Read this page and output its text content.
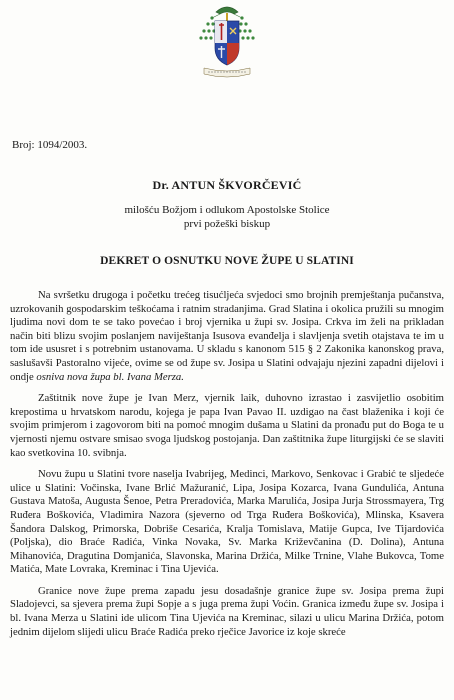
Broj: 1094/2003.
Dr. ANTUN ŠKVORČEVIĆ
milošću Božjom i odlukom Apostolske Stolice
prvi požeški biskup
DEKRET O OSNUTKU NOVE ŽUPE U SLATINI

Na svršetku drugoga i početku trećeg tisućljeća svjedoci smo brojnih premještanja pučanstva, uzrokovanih gospodarskim teškoćama i ratnim stradanjima. Grad Slatina i okolica pružili su mnogim ljudima novi dom te se tako povećao i broj vjernika u župi sv. Josipa. Crkva im želi na prikladan način biti blizu svojim poslanjem naviještanja Isusova evanđelja i slavljenja svetih otajstava te im u tom ide ususret i s potrebnim ustanovama. U skladu s kanonom 515 § 2 Zakonika kanonskog prava, saslušavši Pastoralno vijeće, ovime se od župe sv. Josipa u Slatini odvajaju njezini zapadni dijelovi i ondje osniva nova župa bl. Ivana Merza.

Zaštitnik nove župe je Ivan Merz, vjernik laik, duhovno izrastao i zasvijetlio osobitim krepostima u hrvatskom narodu, kojega je papa Ivan Pavao II. uzdigao na čast blaženika i koji će svojim primjerom i zagovorom biti na pomoć mnogim dušama u Slatini da pronađu put do Boga te u vjernosti njemu ostvare smisao svoga ljudskog postojanja. Dan zaštitnika župe liturgijski će se slaviti kao svetkovina 10. svibnja.

Novu župu u Slatini tvore naselja Ivabrijeg, Medinci, Markovo, Senkovac i Grabić te sljedeće ulice u Slatini: Vočinska, Ivane Brlić Mažuranić, Lipa, Josipa Kozarca, Ivana Gundulića, Antuna Gustava Matoša, Augusta Šenoe, Petra Preradovića, Marka Marulića, Josipa Jurja Strossmayera, Trg Ruđera Boškovića, Vladimira Nazora (sjeverno od Trga Ruđera Boškovića), Mlinska, Ksavera Šandora Dalskog, Primorska, Dobriše Cesarića, Kralja Tomislava, Matije Gupca, Ive Tijardovića (Poljska), dio Braće Radića, Vinka Novaka, Sv. Marka Križevčanina (D. Dolina), Antuna Mihanovića, Dragutina Domjanića, Slavonska, Marina Držića, Milke Trnine, Vlahe Bukovca, Tome Matića, Mate Lovraka, Kreminac i Tina Ujevića.

Granice nove župe prema zapadu jesu dosadašnje granice župe sv. Josipa prema župi Sladojevci, sa sjevera prema župi Sopje a s juga prema župi Voćin. Granica između župe sv. Josipa i bl. Ivana Merza u Slatini ide ulicom Tina Ujevića na Kreminac, silazi u ulicu Marina Držića, potom jednim dijelom slijedi ulicu Braće Radića preko rječice Javorice iz koje skreće
